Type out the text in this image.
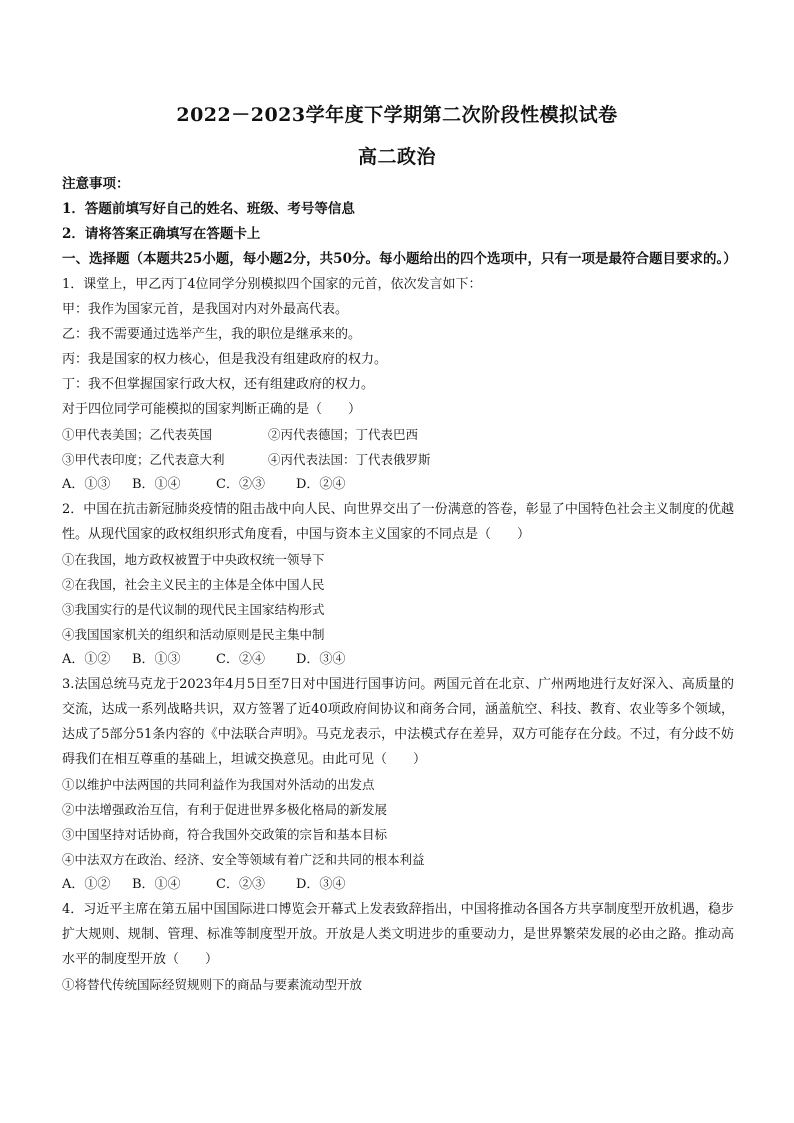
2022－2023学年度下学期第二次阶段性模拟试卷
高二政治
注意事项：
1．答题前填写好自己的姓名、班级、考号等信息
2．请将答案正确填写在答题卡上
一、选择题（本题共25小题，每小题2分，共50分。每小题给出的四个选项中，只有一项是最符合题目要求的。）
1．课堂上，甲乙丙丁4位同学分别模拟四个国家的元首，依次发言如下：
甲：我作为国家元首，是我国对内对外最高代表。
乙：我不需要通过选举产生，我的职位是继承来的。
丙：我是国家的权力核心，但是我没有组建政府的权力。
丁：我不但掌握国家行政大权，还有组建政府的权力。
对于四位同学可能模拟的国家判断正确的是（　　）
①甲代表美国；乙代表英国	②丙代表德国；丁代表巴西
③甲代表印度；乙代表意大利	④丙代表法国：丁代表俄罗斯
A．①③ B．①④	C．②③ D．②④
2．中国在抗击新冠肺炎疫情的阻击战中向人民、向世界交出了一份满意的答卷，彰显了中国特色社会主义制度的优越性。从现代国家的政权组织形式角度看，中国与资本主义国家的不同点是（　　）
①在我国，地方政权被置于中央政权统一领导下
②在我国，社会主义民主的主体是全体中国人民
③我国实行的是代议制的现代民主国家结构形式
④我国国家机关的组织和活动原则是民主集中制
A．①② B．①③	C．②④ D．③④
3.法国总统马克龙于2023年4月5日至7日对中国进行国事访问。两国元首在北京、广州两地进行友好深入、高质量的交流，达成一系列战略共识，双方签署了近40项政府间协议和商务合同，涵盖航空、科技、教育、农业等多个领域，达成了5部分51条内容的《中法联合声明》。马克龙表示，中法模式存在差异，双方可能存在分歧。不过，有分歧不妨碍我们在相互尊重的基础上，坦诚交换意见。由此可见（　　）
①以维护中法两国的共同利益作为我国对外活动的出发点
②中法增强政治互信，有利于促进世界多极化格局的新发展
③中国坚持对话协商，符合我国外交政策的宗旨和基本目标
④中法双方在政治、经济、安全等领域有着广泛和共同的根本利益
A．①② B．①④	C．②③ D．③④
4．习近平主席在第五届中国国际进口博览会开幕式上发表致辞指出，中国将推动各国各方共享制度型开放机遇，稳步扩大规则、规制、管理、标准等制度型开放。开放是人类文明进步的重要动力，是世界繁荣发展的必由之路。推动高水平的制度型开放（　　）
①将替代传统国际经贸规则下的商品与要素流动型开放
